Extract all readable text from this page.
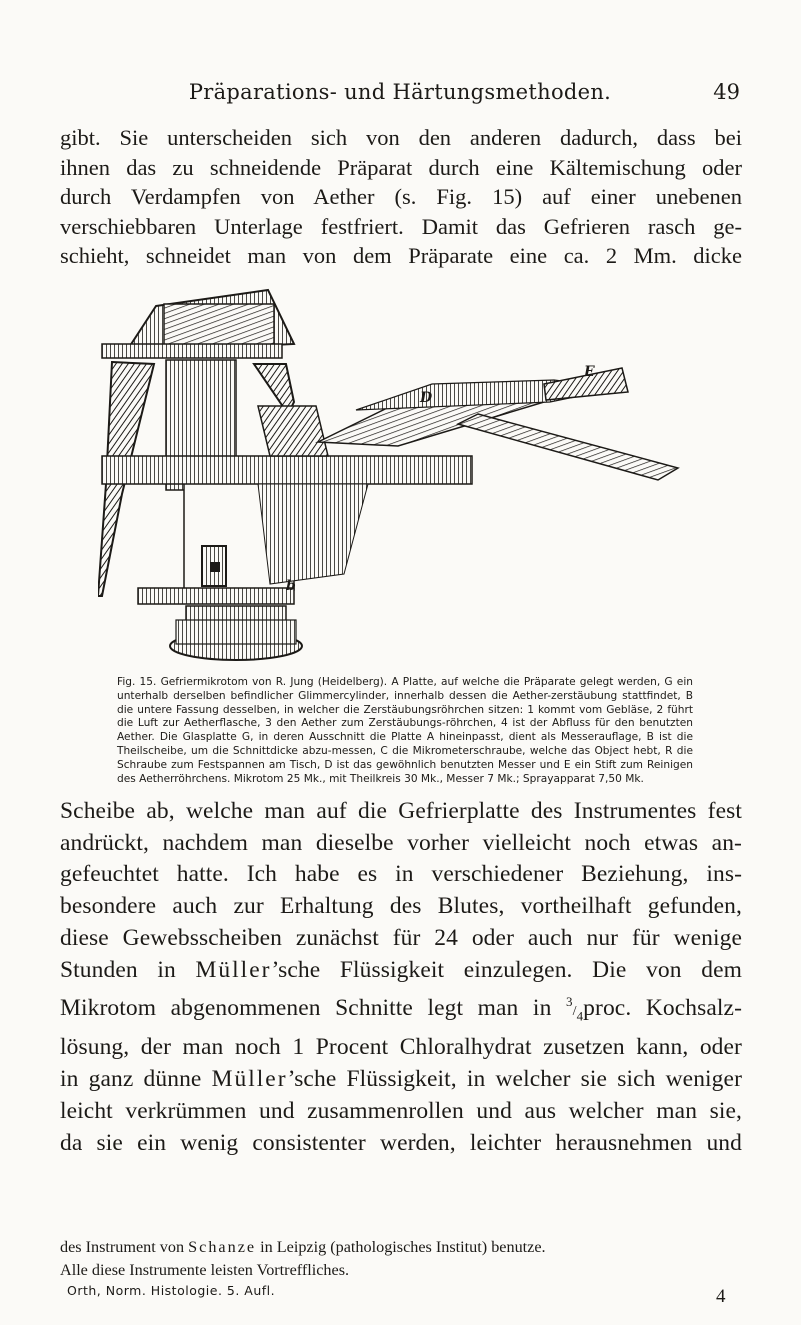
Präparations- und Härtungsmethoden.	49
gibt. Sie unterscheiden sich von den anderen dadurch, dass bei
ihnen das zu schneidende Präparat durch eine Kältemischung oder
durch Verdampfen von Aether (s. Fig. 15) auf einer unebenen
verschiebbaren Unterlage festfriert. Damit das Gefrieren rasch ge-
schieht, schneidet man von dem Präparate eine ca. 2 Mm. dicke
D
E
b
Fig. 15. Gefriermikrotom von R. Jung (Heidelberg). A Platte, auf welche die Präparate gelegt werden, G ein unterhalb derselben befindlicher Glimmercylinder, innerhalb dessen die Aether-zerstäubung stattfindet, B die untere Fassung desselben, in welcher die Zerstäubungsröhrchen sitzen: 1 kommt vom Gebläse, 2 führt die Luft zur Aetherflasche, 3 den Aether zum Zerstäubungs-röhrchen, 4 ist der Abfluss für den benutzten Aether. Die Glasplatte G, in deren Ausschnitt die Platte A hineinpasst, dient als Messerauflage, B ist die Theilscheibe, um die Schnittdicke abzu-messen, C die Mikrometerschraube, welche das Object hebt, R die Schraube zum Festspannen am Tisch, D ist das gewöhnlich benutzten Messer und E ein Stift zum Reinigen des Aetherröhrchens. Mikrotom 25 Mk., mit Theilkreis 30 Mk., Messer 7 Mk.; Sprayapparat 7,50 Mk.
Scheibe ab, welche man auf die Gefrierplatte des Instrumentes fest
andrückt, nachdem man dieselbe vorher vielleicht noch etwas an-
gefeuchtet hatte. Ich habe es in verschiedener Beziehung, ins-
besondere auch zur Erhaltung des Blutes, vortheilhaft gefunden,
diese Gewebsscheiben zunächst für 24 oder auch nur für wenige
Stunden in Müller’sche Flüssigkeit einzulegen. Die von dem
Mikrotom abgenommenen Schnitte legt man in $^3/_4proc$. Kochsalz-
lösung, der man noch 1 Procent Chloralhydrat zusetzen kann, oder
in ganz dünne Müller’sche Flüssigkeit, in welcher sie sich weniger
leicht verkrümmen und zusammenrollen und aus welcher man sie,
da sie ein wenig consistenter werden, leichter herausnehmen und
des Instrument von Schanze in Leipzig (pathologisches Institut) benutze.
Alle diese Instrumente leisten Vortreffliches.
Orth, Norm. Histologie. 5. Aufl.	4
